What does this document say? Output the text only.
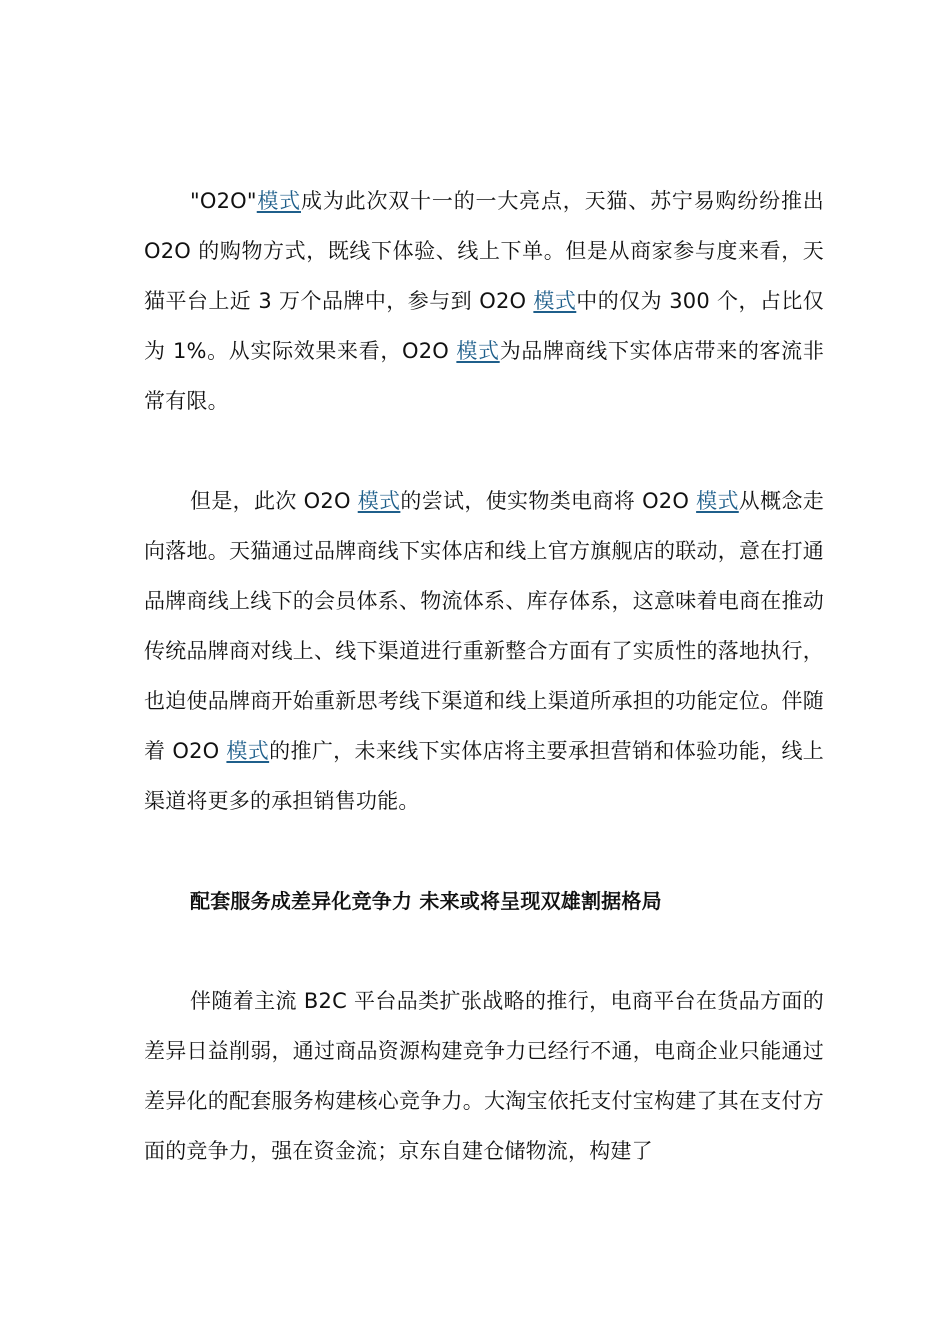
"O2O"模式成为此次双十一的一大亮点，天猫、苏宁易购纷纷推出 O2O 的购物方式，既线下体验、线上下单。但是从商家参与度来看，天猫平台上近 3 万个品牌中，参与到 O2O 模式中的仅为 300 个，占比仅为 1%。从实际效果来看，O2O 模式为品牌商线下实体店带来的客流非常有限。

但是，此次 O2O 模式的尝试，使实物类电商将 O2O 模式从概念走向落地。天猫通过品牌商线下实体店和线上官方旗舰店的联动，意在打通品牌商线上线下的会员体系、物流体系、库存体系，这意味着电商在推动传统品牌商对线上、线下渠道进行重新整合方面有了实质性的落地执行，也迫使品牌商开始重新思考线下渠道和线上渠道所承担的功能定位。伴随着 O2O 模式的推广，未来线下实体店将主要承担营销和体验功能，线上渠道将更多的承担销售功能。

配套服务成差异化竞争力 未来或将呈现双雄割据格局

伴随着主流 B2C 平台品类扩张战略的推行，电商平台在货品方面的差异日益削弱，通过商品资源构建竞争力已经行不通，电商企业只能通过差异化的配套服务构建核心竞争力。大淘宝依托支付宝构建了其在支付方面的竞争力，强在资金流；京东自建仓储物流，构建了
